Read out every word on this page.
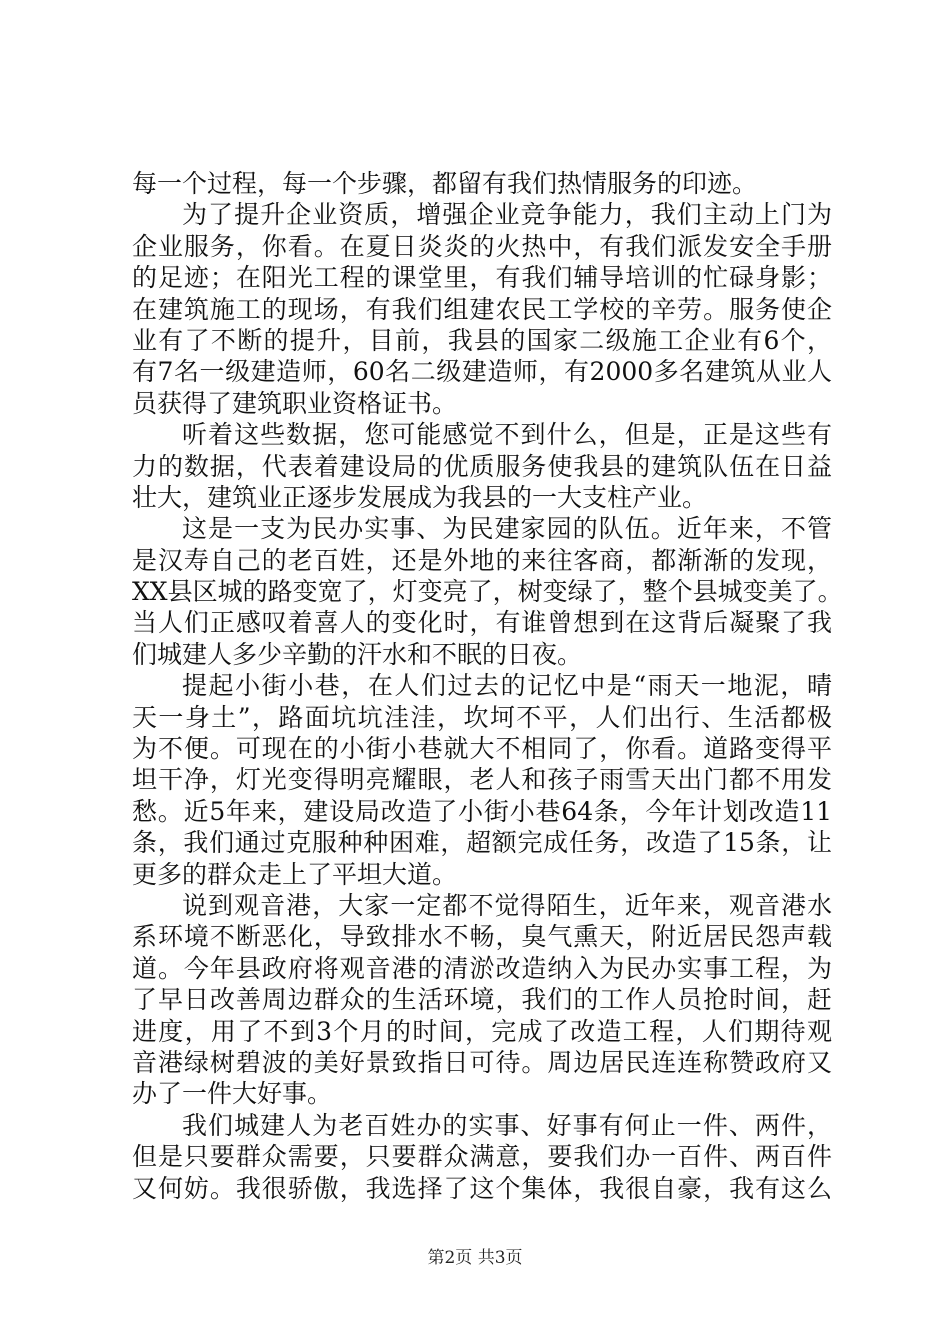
每一个过程，每一个步骤，都留有我们热情服务的印迹。
为了提升企业资质，增强企业竞争能力，我们主动上门为
企业服务，你看。在夏日炎炎的火热中，有我们派发安全手册
的足迹；在阳光工程的课堂里，有我们辅导培训的忙碌身影；
在建筑施工的现场，有我们组建农民工学校的辛劳。服务使企
业有了不断的提升，目前，我县的国家二级施工企业有6个，
有7名一级建造师，60名二级建造师，有2000多名建筑从业人
员获得了建筑职业资格证书。
听着这些数据，您可能感觉不到什么，但是，正是这些有
力的数据，代表着建设局的优质服务使我县的建筑队伍在日益
壮大，建筑业正逐步发展成为我县的一大支柱产业。
这是一支为民办实事、为民建家园的队伍。近年来，不管
是汉寿自己的老百姓，还是外地的来往客商，都渐渐的发现，
XX县区城的路变宽了，灯变亮了，树变绿了，整个县城变美了。
当人们正感叹着喜人的变化时，有谁曾想到在这背后凝聚了我
们城建人多少辛勤的汗水和不眠的日夜。
提起小街小巷，在人们过去的记忆中是“雨天一地泥，晴
天一身土”，路面坑坑洼洼，坎坷不平，人们出行、生活都极
为不便。可现在的小街小巷就大不相同了，你看。道路变得平
坦干净，灯光变得明亮耀眼，老人和孩子雨雪天出门都不用发
愁。近5年来，建设局改造了小街小巷64条，今年计划改造11
条，我们通过克服种种困难，超额完成任务，改造了15条，让
更多的群众走上了平坦大道。
说到观音港，大家一定都不觉得陌生，近年来，观音港水
系环境不断恶化，导致排水不畅，臭气熏天，附近居民怨声载
道。今年县政府将观音港的清淤改造纳入为民办实事工程，为
了早日改善周边群众的生活环境，我们的工作人员抢时间，赶
进度，用了不到3个月的时间，完成了改造工程，人们期待观
音港绿树碧波的美好景致指日可待。周边居民连连称赞政府又
办了一件大好事。
我们城建人为老百姓办的实事、好事有何止一件、两件，
但是只要群众需要，只要群众满意，要我们办一百件、两百件
又何妨。我很骄傲，我选择了这个集体，我很自豪，我有这么
第2页 共3页
